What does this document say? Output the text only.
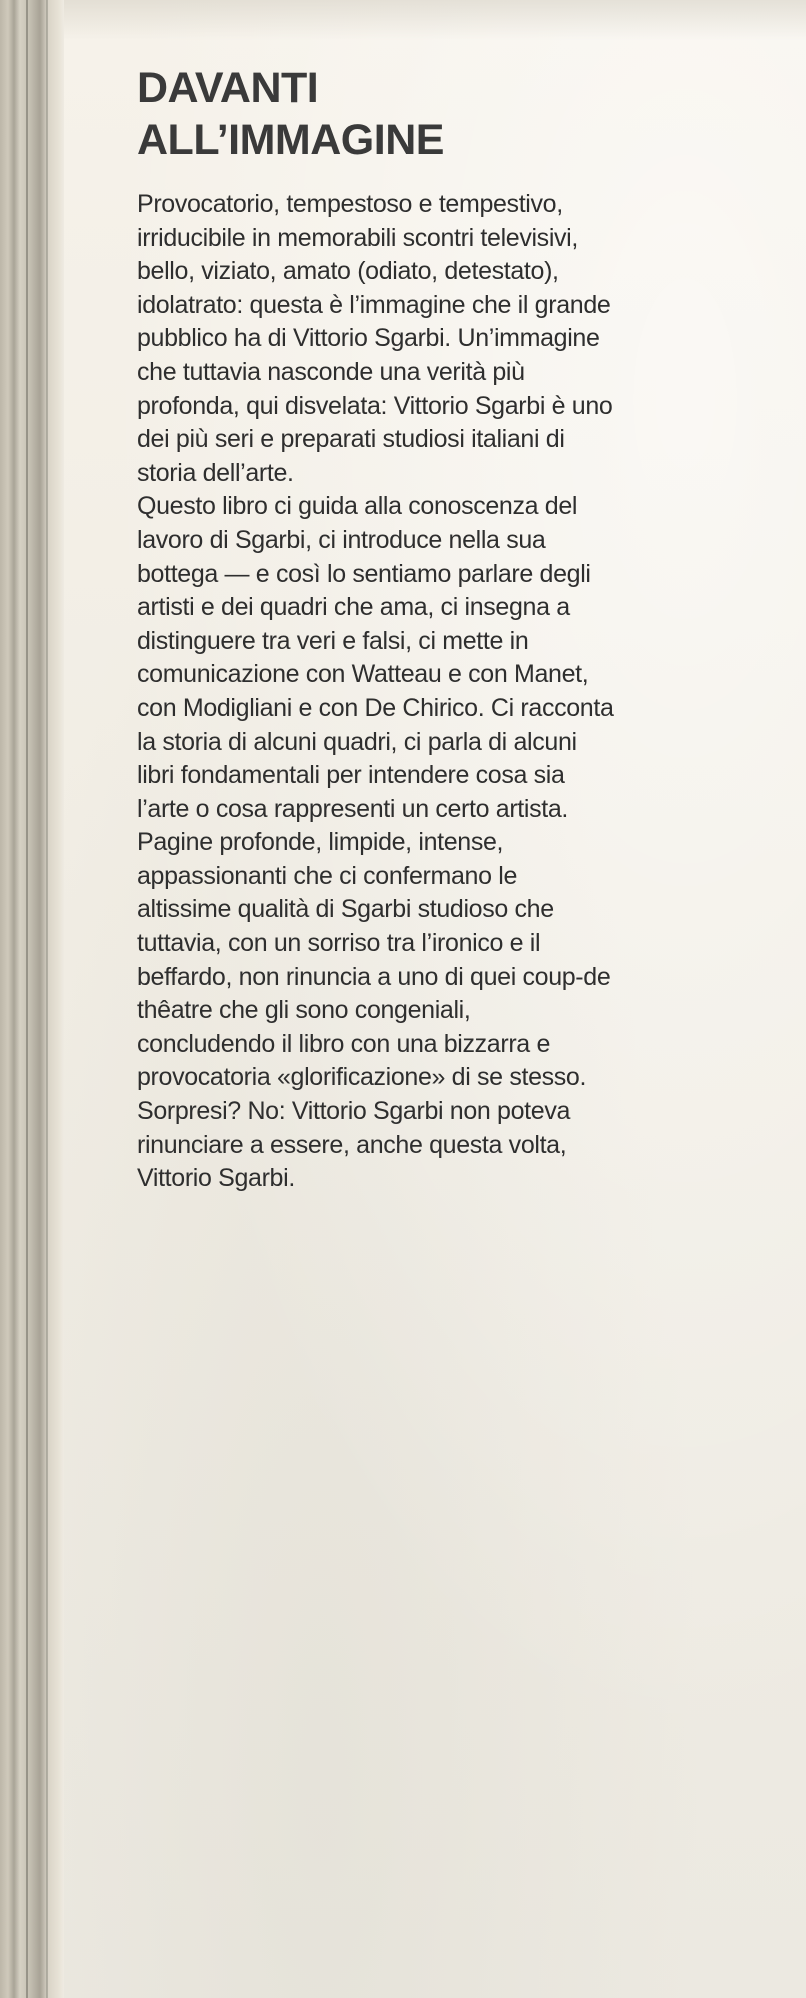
DAVANTI
ALL’IMMAGINE

Provocatorio, tempestoso e tempestivo,
irriducibile in memorabili scontri televisivi,
bello, viziato, amato (odiato, detestato),
idolatrato: questa è l’immagine che il grande
pubblico ha di Vittorio Sgarbi. Un’immagine
che tuttavia nasconde una verità più
profonda, qui disvelata: Vittorio Sgarbi è uno
dei più seri e preparati studiosi italiani di
storia dell’arte.
Questo libro ci guida alla conoscenza del
lavoro di Sgarbi, ci introduce nella sua
bottega — e così lo sentiamo parlare degli
artisti e dei quadri che ama, ci insegna a
distinguere tra veri e falsi, ci mette in
comunicazione con Watteau e con Manet,
con Modigliani e con De Chirico. Ci racconta
la storia di alcuni quadri, ci parla di alcuni
libri fondamentali per intendere cosa sia
l’arte o cosa rappresenti un certo artista.
Pagine profonde, limpide, intense,
appassionanti che ci confermano le
altissime qualità di Sgarbi studioso che
tuttavia, con un sorriso tra l’ironico e il
beffardo, non rinuncia a uno di quei coup-de
thêatre che gli sono congeniali,
concludendo il libro con una bizzarra e
provocatoria «glorificazione» di se stesso.
Sorpresi? No: Vittorio Sgarbi non poteva
rinunciare a essere, anche questa volta,
Vittorio Sgarbi.
